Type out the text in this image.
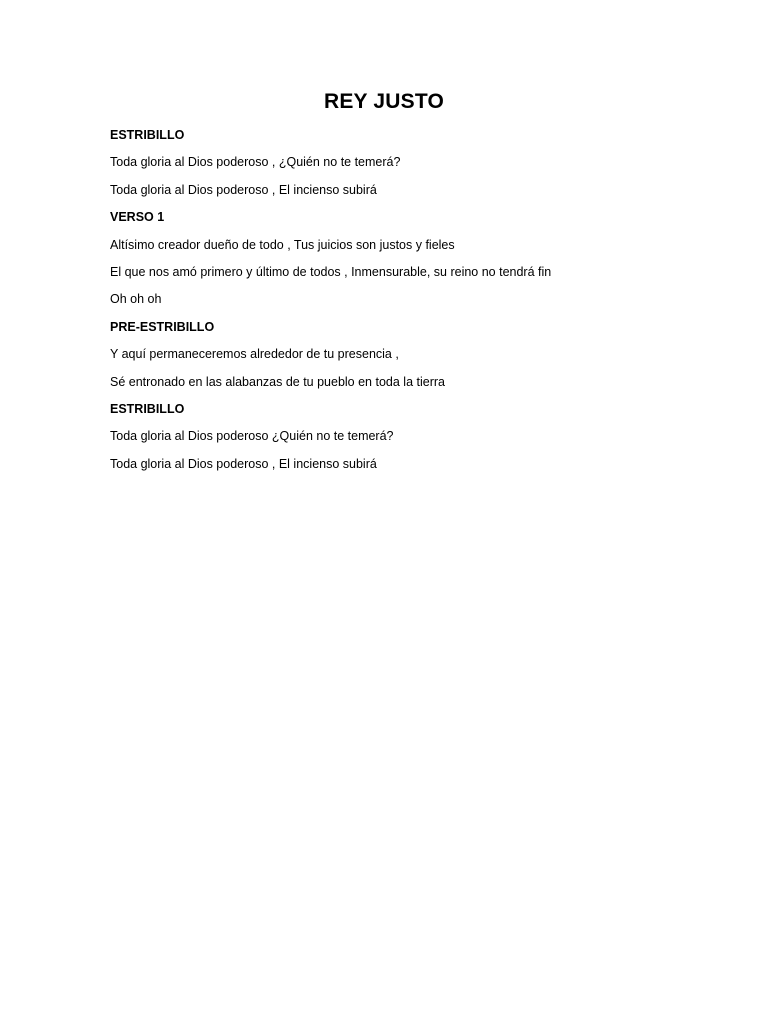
REY JUSTO
ESTRIBILLO
Toda gloria al Dios poderoso , ¿Quién no te temerá?
Toda gloria al Dios poderoso , El incienso subirá
VERSO 1
Altísimo creador dueño de todo , Tus juicios son justos y fieles
El que nos amó primero y último de todos , Inmensurable, su reino no tendrá fin
Oh oh oh
PRE-ESTRIBILLO
Y aquí permaneceremos alrededor de tu presencia ,
Sé entronado en las alabanzas de tu pueblo en toda la tierra
ESTRIBILLO
Toda gloria al Dios poderoso ¿Quién no te temerá?
Toda gloria al Dios poderoso , El incienso subirá
